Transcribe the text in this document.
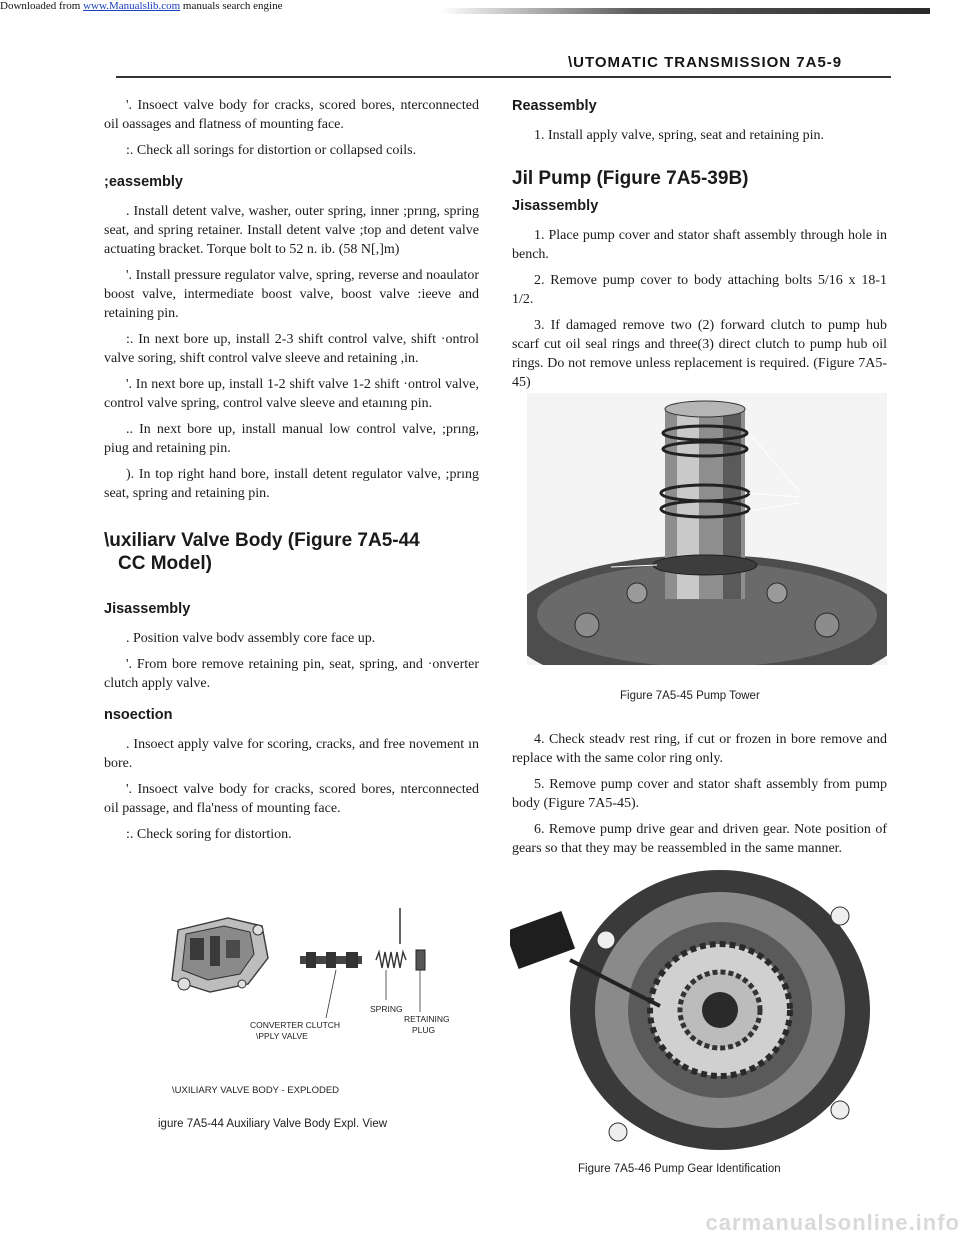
Downloaded from www.Manualslib.com manuals search engine
\UTOMATIC TRANSMISSION 7A5-9

'. Insoect valve body for cracks, scored bores, nterconnected oil oassages and flatness of mounting face.

:. Check all sorings for distortion or collapsed coils.

;eassembly

. Install detent valve, washer, outer spring, inner ;prıng, spring seat, and spring retainer. Install detent valve ;top and detent valve actuating bracket. Torque bolt to 52 n. ib. (58 N[,]m)

'. Install pressure regulator valve, spring, reverse and noaulator boost valve, intermediate boost valve, boost valve :ieeve and retaining pin.

:. In next bore up, install 2-3 shift control valve, shift ·ontrol valve soring, shift control valve sleeve and retaining ,in.

'. In next bore up, install 1-2 shift valve 1-2 shift ·ontrol valve, control valve spring, control valve sleeve and etaınıng pin.

.. In next bore up, install manual low control valve, ;prıng, piug and retaining pin.

). In top right hand bore, install detent regulator valve, ;prıng seat, spring and retaining pin.

\uxiliarv Valve Body (Figure 7A5-44
CC Model)
Jisassembly

. Position valve bodv assembly core face up.

'. From bore remove retaining pin, seat, spring, and ·onverter clutch apply valve.

nsoection

. Insoect apply valve for scoring, cracks, and free novement ın bore.

'. Insoect valve body for cracks, scored bores, nterconnected oil passage, and fla'ness of mounting face.

:. Check soring for distortion.

SPRING
CONVERTER CLUTCH
\PPLY VALVE
RETAINING
PLUG
\UXILIARY VALVE BODY - EXPLODED
igure 7A5-44 Auxiliary Valve Body Expl. View
Reassembly

1. Install apply valve, spring, seat and retaining pin.

Jil Pump (Figure 7A5-39B)
Jisassembly

1. Place pump cover and stator shaft assembly through hole in bench.

2. Remove pump cover to body attaching bolts 5/16 x 18-1 1/2.

3. If damaged remove two (2) forward clutch to pump hub scarf cut oil seal rings and three(3) direct clutch to pump hub oil rings. Do not remove unless replacement is required. (Figure 7A5-45)

SCARF CUT
OIL SEAL
RINGS
STEADY
REST
Figure 7A5-45 Pump Tower

4. Check steadv rest ring, if cut or frozen in bore remove and replace with the same color ring only.

5. Remove pump cover and stator shaft assembly from pump body (Figure 7A5-45).

6. Remove pump drive gear and driven gear. Note position of gears so that they may be reassembled in the same manner.

Figure 7A5-46 Pump Gear Identification
carmanualsonline.info
